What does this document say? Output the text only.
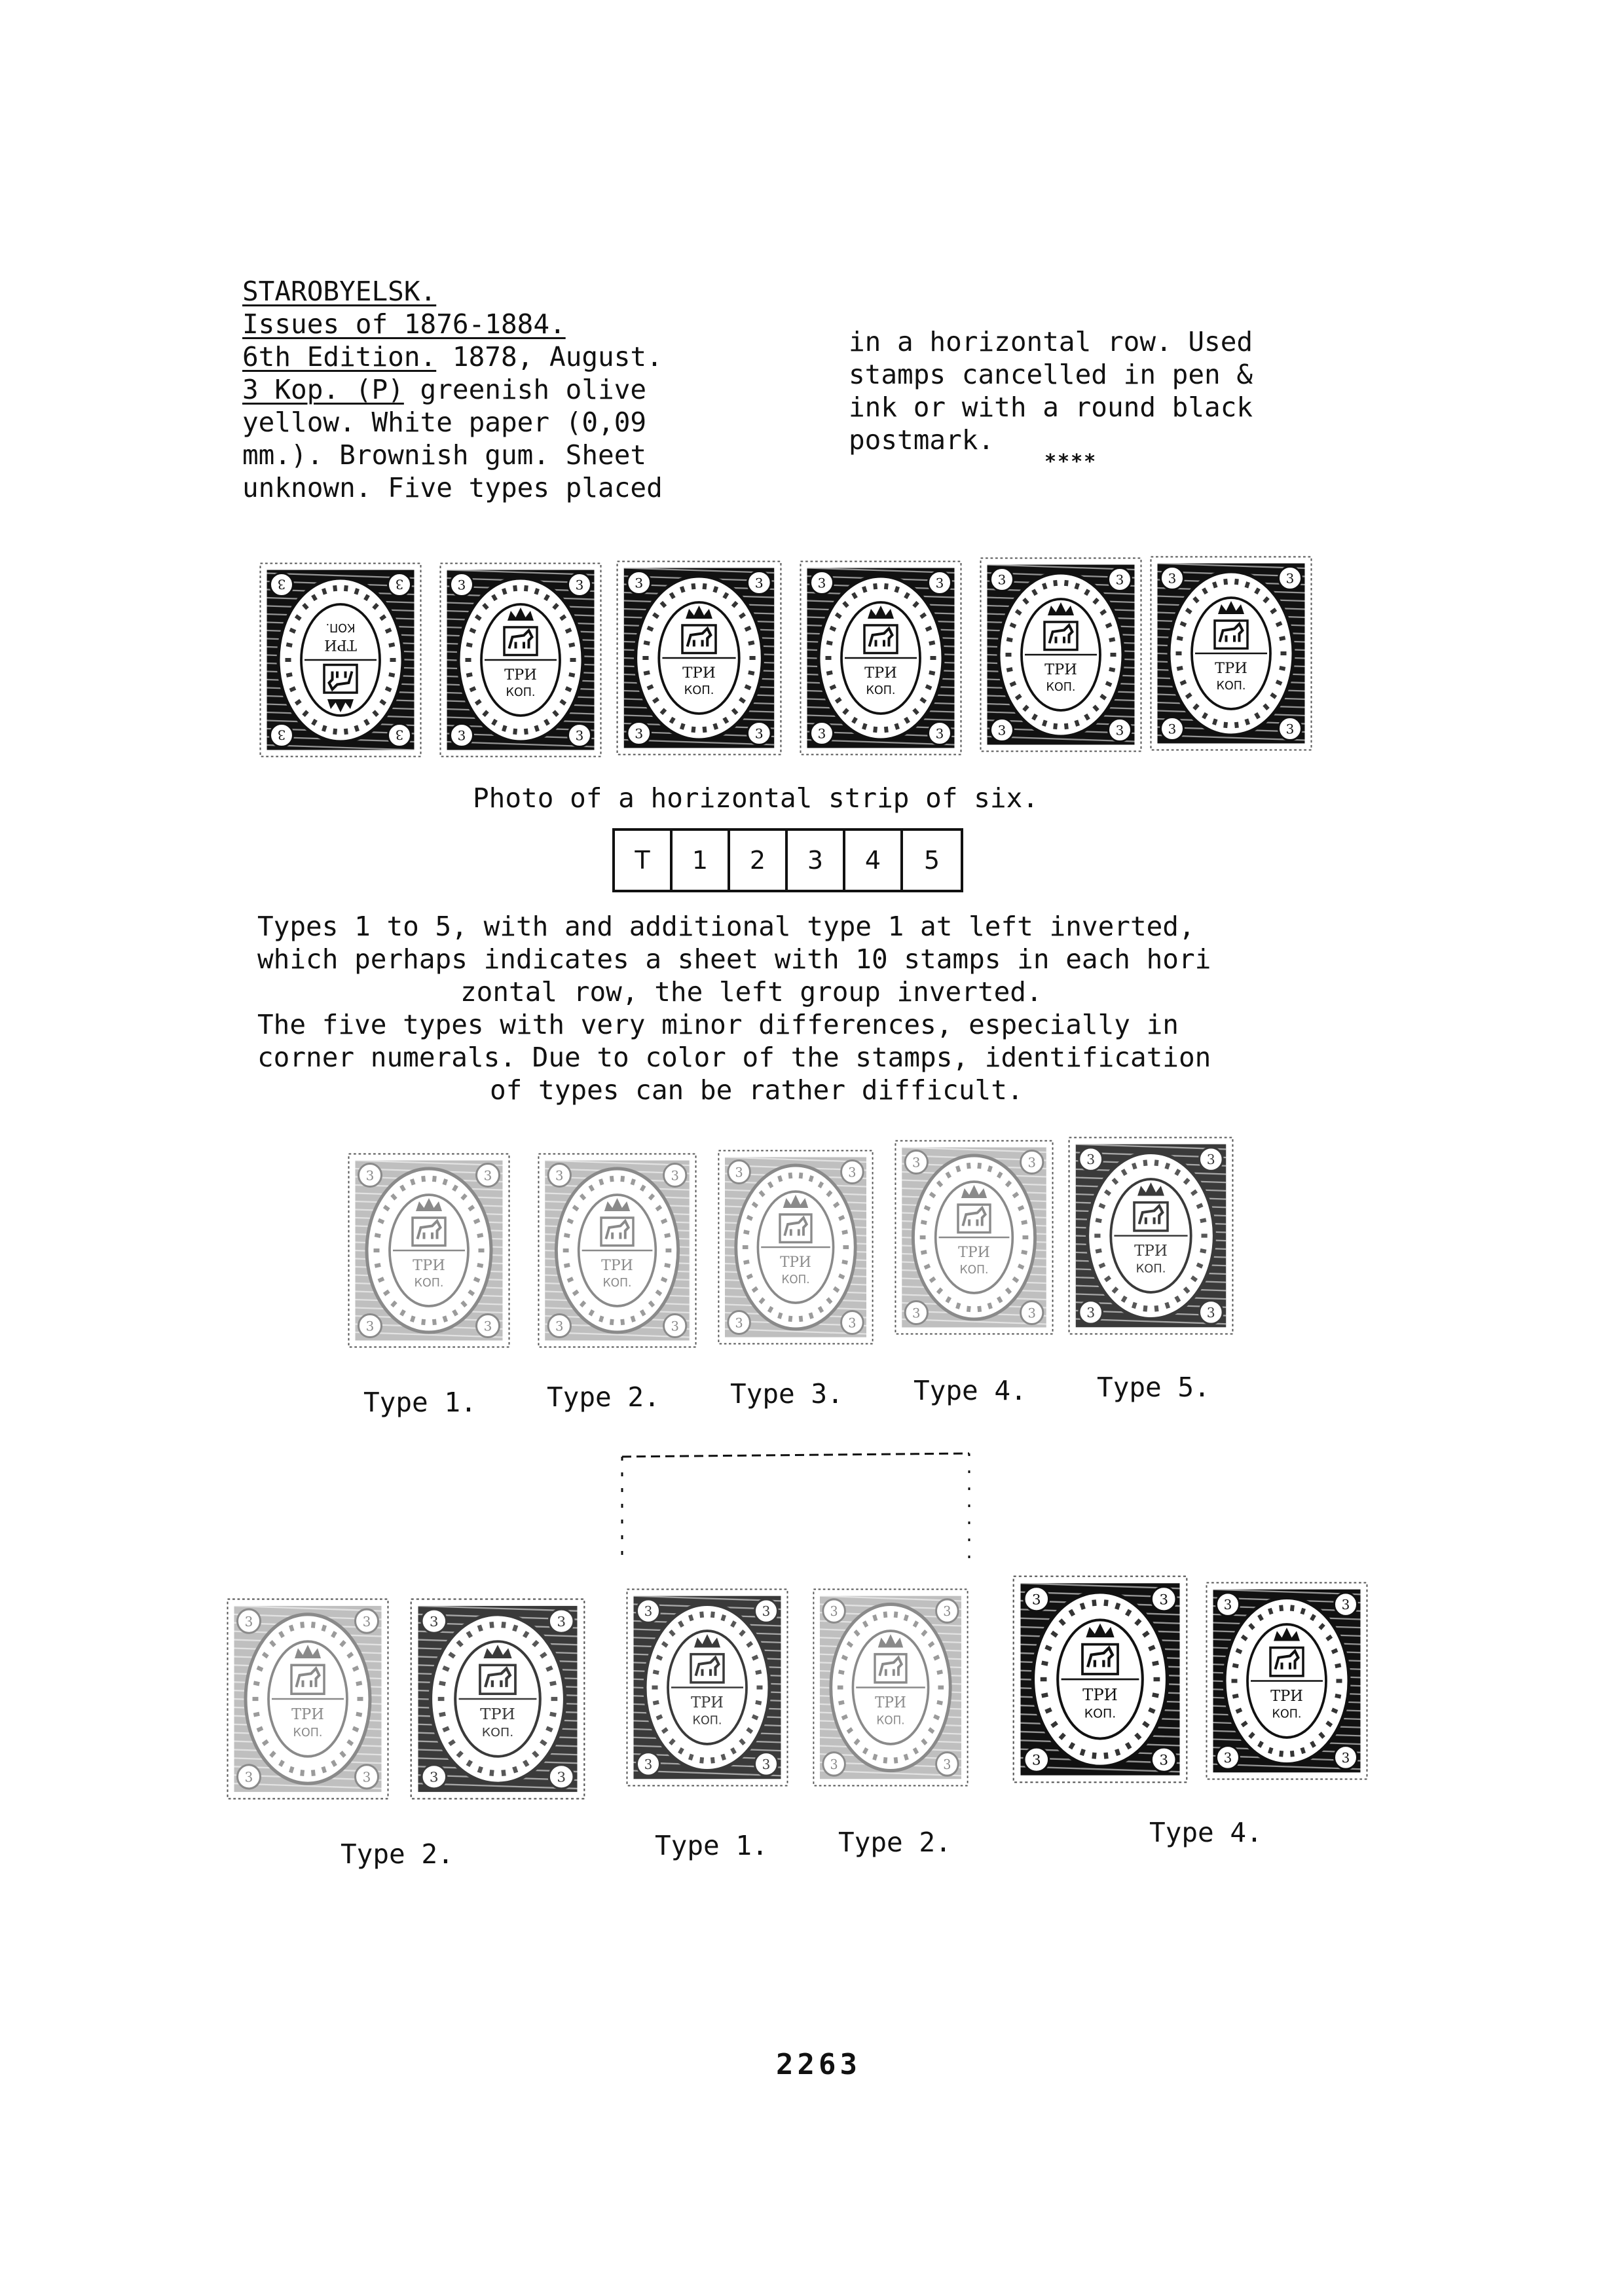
STAROBYELSK.
Issues of 1876-1884.
6th Edition. 1878, August.
3 Kop. (P) greenish olive
yellow. White paper (0,09
mm.). Brownish gum. Sheet
unknown. Five types placed
in a horizontal row. Used
stamps cancelled in pen &
ink or with a round black
postmark.
****
3
3
3
3
ТРИ
КОП.
3	3
3	3
ТРИ
КОП.
3	3
3	3
ТРИ
КОП.
3	3
3	3
ТРИ
КОП.
3	3
3	3
ТРИ
КОП.
3	3
3	3
ТРИ
КОП.
Photo of a horizontal strip of six.
T	1	2	3	4	5
Types 1 to 5, with and additional type 1 at left inverted,
which perhaps indicates a sheet with 10 stamps in each hori
zontal row, the left group inverted.
The five types with very minor differences, especially in
corner numerals. Due to color of the stamps, identification
of types can be rather difficult.
3	3
3	3
ТРИ
КОП.
3	3
3	3
ТРИ
КОП.
3	3
3	3
ТРИ
КОП.
3	3
3	3
ТРИ
КОП.
3	3
3	3
ТРИ
КОП.
Type 1.	Type 2.	Type 3.	Type 4.	Type 5.
3	3
3	3
ТРИ
КОП.
3	3
3	3
ТРИ
КОП.
3	3
3	3
ТРИ
КОП.
3	3
3	3
ТРИ
КОП.
3	3
3	3
ТРИ
КОП.
3	3
3	3
ТРИ
КОП.
Type 2.	Type 1.	Type 2.	Type 4.
2263
